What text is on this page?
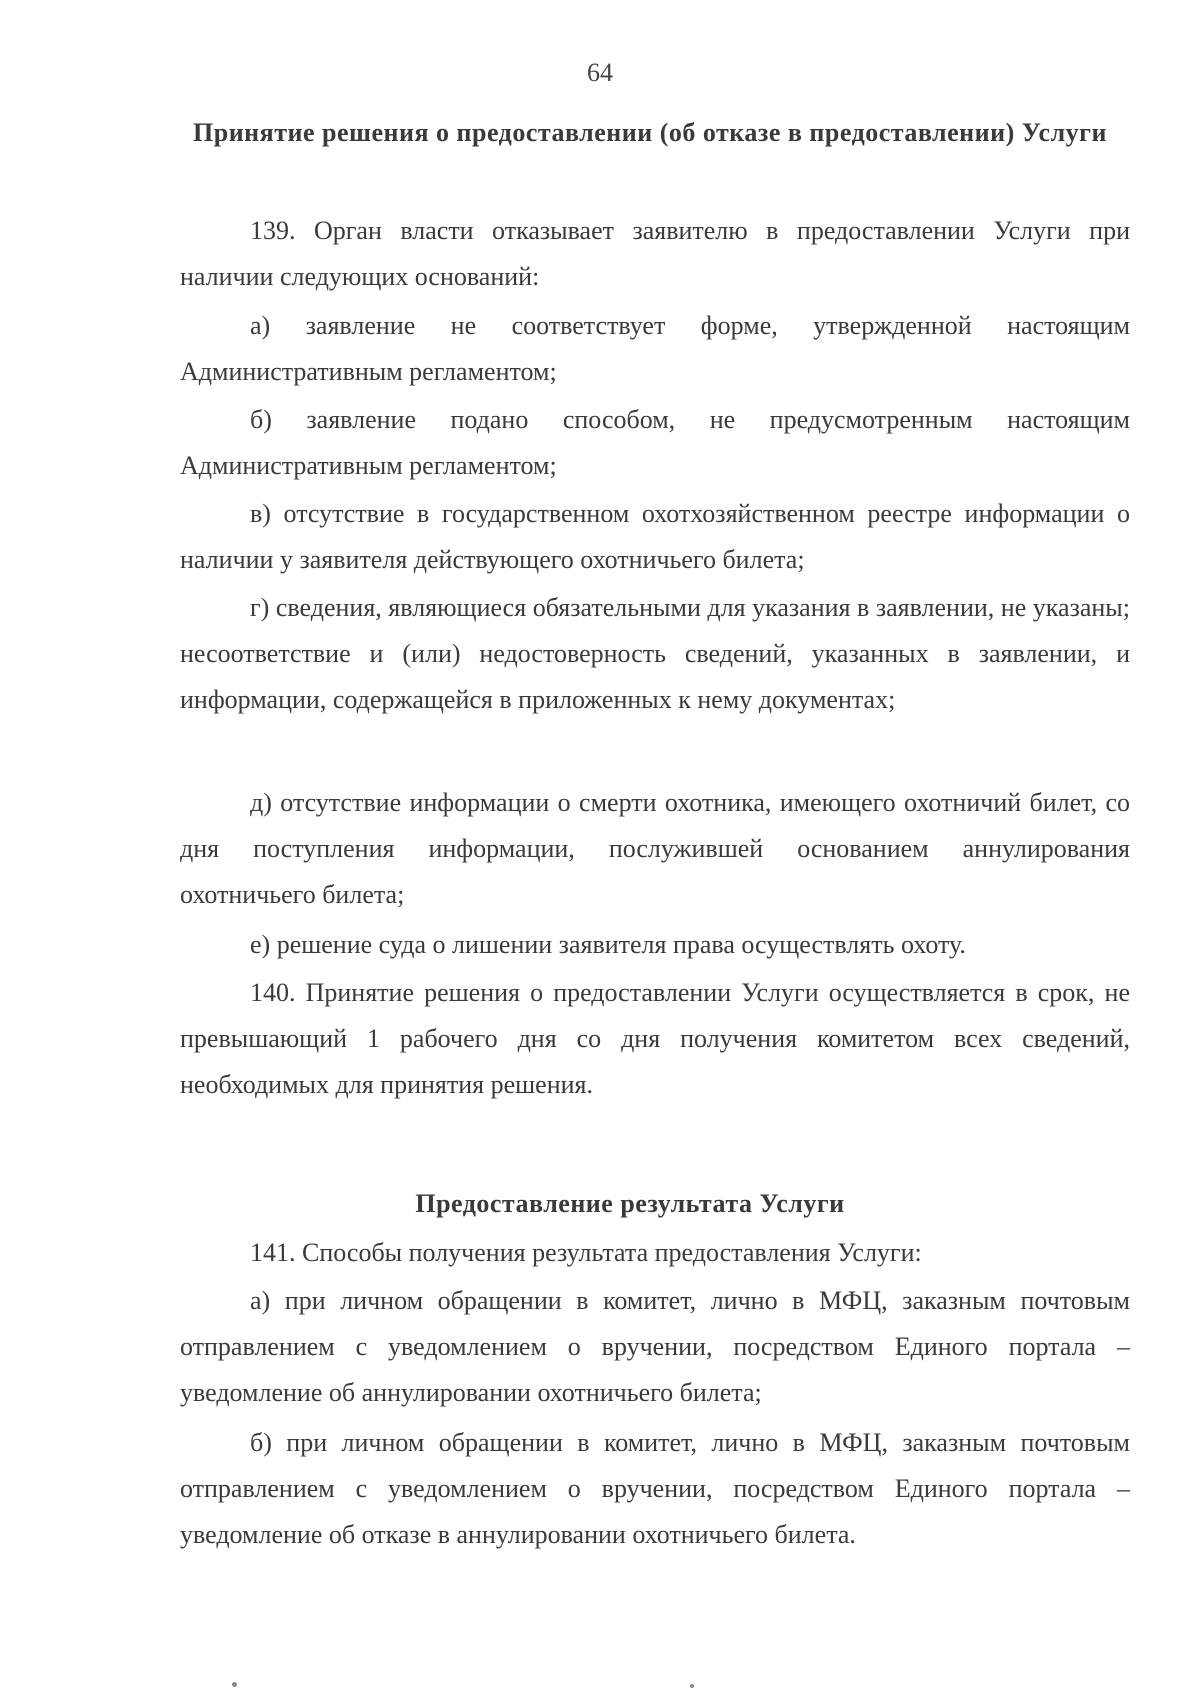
64
Принятие решения о предоставлении (об отказе в предоставлении) Услуги
139. Орган власти отказывает заявителю в предоставлении Услуги при наличии следующих оснований:
а) заявление не соответствует форме, утвержденной настоящим Административным регламентом;
б) заявление подано способом, не предусмотренным настоящим Административным регламентом;
в) отсутствие в государственном охотхозяйственном реестре информации о наличии у заявителя действующего охотничьего билета;
г) сведения, являющиеся обязательными для указания в заявлении, не указаны; несоответствие и (или) недостоверность сведений, указанных в заявлении, и информации, содержащейся в приложенных к нему документах;
д) отсутствие информации о смерти охотника, имеющего охотничий билет, со дня поступления информации, послужившей основанием аннулирования охотничьего билета;
е) решение суда о лишении заявителя права осуществлять охоту.
140. Принятие решения о предоставлении Услуги осуществляется в срок, не превышающий 1 рабочего дня со дня получения комитетом всех сведений, необходимых для принятия решения.
Предоставление результата Услуги
141. Способы получения результата предоставления Услуги:
а) при личном обращении в комитет, лично в МФЦ, заказным почтовым отправлением с уведомлением о вручении, посредством Единого портала – уведомление об аннулировании охотничьего билета;
б) при личном обращении в комитет, лично в МФЦ, заказным почтовым отправлением с уведомлением о вручении, посредством Единого портала – уведомление об отказе в аннулировании охотничьего билета.
